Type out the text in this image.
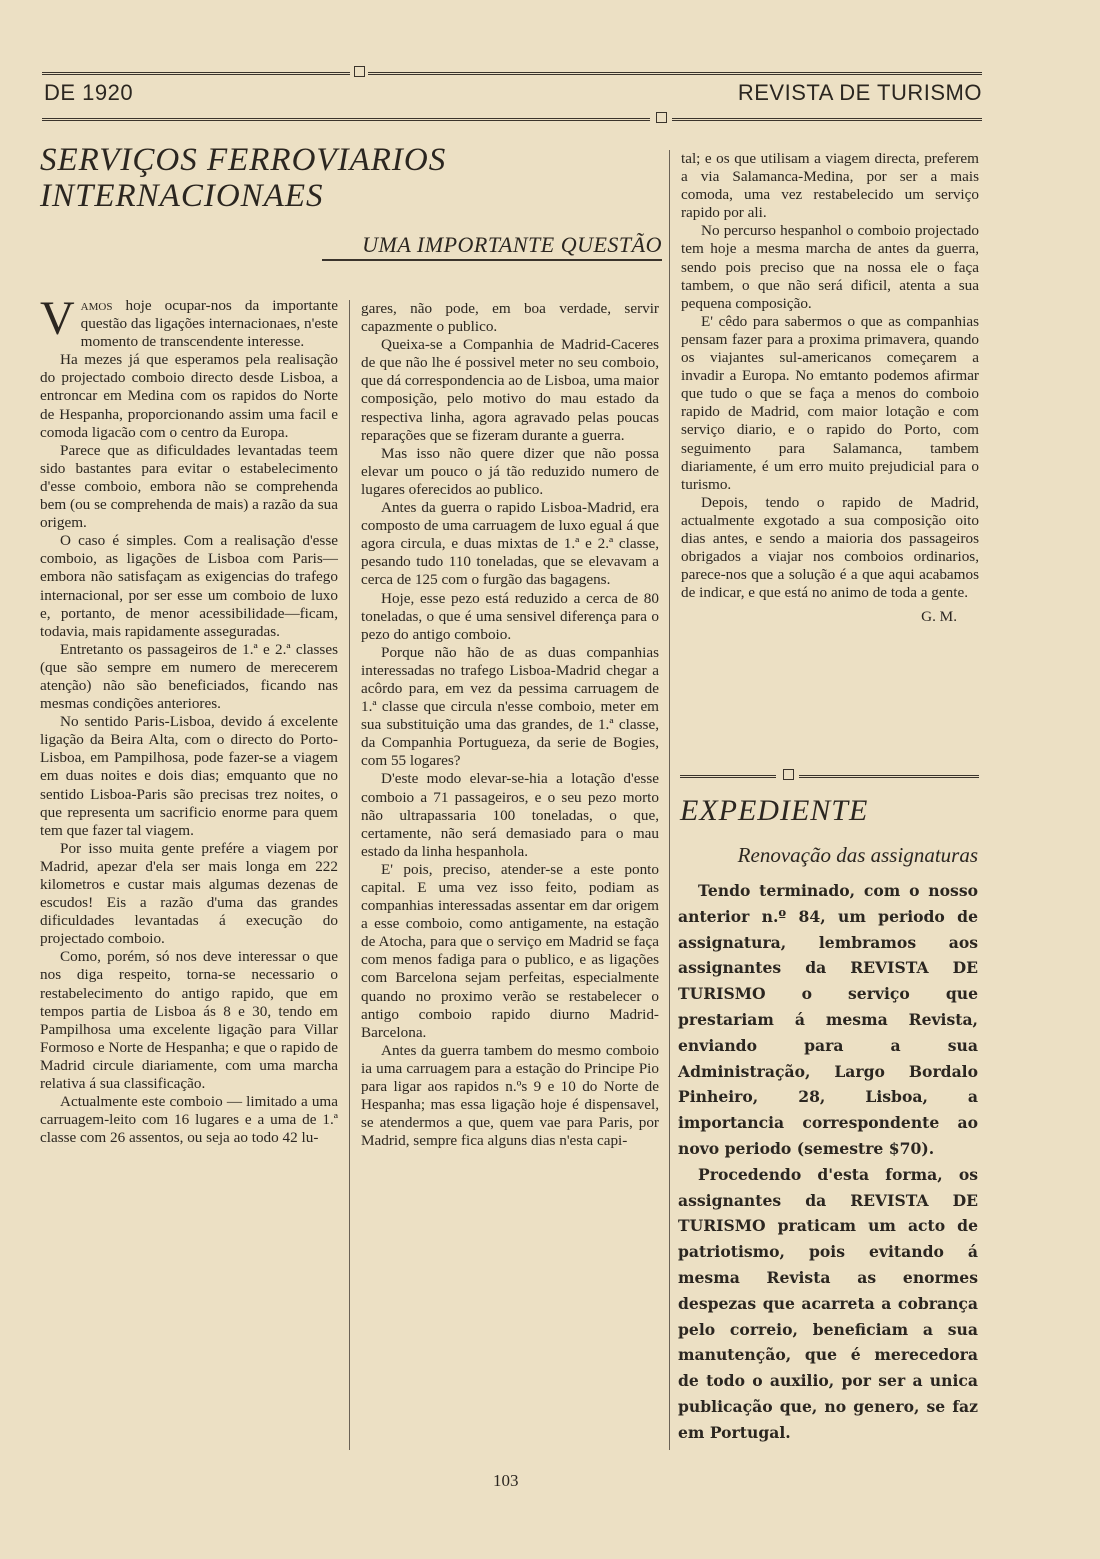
DE 1920	REVISTA DE TURISMO
SERVIÇOS FERROVIARIOS INTERNACIONAES
UMA IMPORTANTE QUESTÃO

Vamos hoje ocupar-nos da importante questão das ligações internacionaes, n'este momento de transcendente interesse.

Ha mezes já que esperamos pela realisação do projectado comboio directo desde Lisboa, a entroncar em Medina com os rapidos do Norte de Hespanha, proporcionando assim uma facil e comoda ligacão com o centro da Europa.

Parece que as dificuldades levantadas teem sido bastantes para evitar o estabelecimento d'esse comboio, embora não se comprehenda bem (ou se comprehenda de mais) a razão da sua origem.

O caso é simples. Com a realisação d'esse comboio, as ligações de Lisboa com Paris—embora não satisfaçam as exigencias do trafego internacional, por ser esse um comboio de luxo e, portanto, de menor acessibilidade—ficam, todavia, mais rapidamente asseguradas.

Entretanto os passageiros de 1.ª e 2.ª classes (que são sempre em numero de merecerem atenção) não são beneficiados, ficando nas mesmas condições anteriores.

No sentido Paris-Lisboa, devido á excelente ligação da Beira Alta, com o directo do Porto-Lisboa, em Pampilhosa, pode fazer-se a viagem em duas noites e dois dias; emquanto que no sentido Lisboa-Paris são precisas trez noites, o que representa um sacrificio enorme para quem tem que fazer tal viagem.

Por isso muita gente prefére a viagem por Madrid, apezar d'ela ser mais longa em 222 kilometros e custar mais algumas dezenas de escudos! Eis a razão d'uma das grandes dificuldades levantadas á execução do projectado comboio.

Como, porém, só nos deve interessar o que nos diga respeito, torna-se necessario o restabelecimento do antigo rapido, que em tempos partia de Lisboa ás 8 e 30, tendo em Pampilhosa uma excelente ligação para Villar Formoso e Norte de Hespanha; e que o rapido de Madrid circule diariamente, com uma marcha relativa á sua classificação.

Actualmente este comboio — limitado a uma carruagem-leito com 16 lugares e a uma de 1.ª classe com 26 assentos, ou seja ao todo 42 lu-

gares, não pode, em boa verdade, servir capazmente o publico.

Queixa-se a Companhia de Madrid-Caceres de que não lhe é possivel meter no seu comboio, que dá correspondencia ao de Lisboa, uma maior composição, pelo motivo do mau estado da respectiva linha, agora agravado pelas poucas reparações que se fizeram durante a guerra.

Mas isso não quere dizer que não possa elevar um pouco o já tão reduzido numero de lugares oferecidos ao publico.

Antes da guerra o rapido Lisboa-Madrid, era composto de uma carruagem de luxo egual á que agora circula, e duas mixtas de 1.ª e 2.ª classe, pesando tudo 110 toneladas, que se elevavam a cerca de 125 com o furgão das bagagens.

Hoje, esse pezo está reduzido a cerca de 80 toneladas, o que é uma sensivel diferença para o pezo do antigo comboio.

Porque não hão de as duas companhias interessadas no trafego Lisboa-Madrid chegar a acôrdo para, em vez da pessima carruagem de 1.ª classe que circula n'esse comboio, meter em sua substituição uma das grandes, de 1.ª classe, da Companhia Portugueza, da serie de Bogies, com 55 logares?

D'este modo elevar-se-hia a lotação d'esse comboio a 71 passageiros, e o seu pezo morto não ultrapassaria 100 toneladas, o que, certamente, não será demasiado para o mau estado da linha hespanhola.

E' pois, preciso, atender-se a este ponto capital. E uma vez isso feito, podiam as companhias interessadas assentar em dar origem a esse comboio, como antigamente, na estação de Atocha, para que o serviço em Madrid se faça com menos fadiga para o publico, e as ligações com Barcelona sejam perfeitas, especialmente quando no proximo verão se restabelecer o antigo comboio rapido diurno Madrid-Barcelona.

Antes da guerra tambem do mesmo comboio ia uma carruagem para a estação do Principe Pio para ligar aos rapidos n.ºs 9 e 10 do Norte de Hespanha; mas essa ligação hoje é dispensavel, se atendermos a que, quem vae para Paris, por Madrid, sempre fica alguns dias n'esta capi-

tal; e os que utilisam a viagem directa, preferem a via Salamanca-Medina, por ser a mais comoda, uma vez restabelecido um serviço rapido por ali.

No percurso hespanhol o comboio projectado tem hoje a mesma marcha de antes da guerra, sendo pois preciso que na nossa ele o faça tambem, o que não será dificil, atenta a sua pequena composição.

E' cêdo para sabermos o que as companhias pensam fazer para a proxima primavera, quando os viajantes sul-americanos começarem a invadir a Europa. No emtanto podemos afirmar que tudo o que se faça a menos do comboio rapido de Madrid, com maior lotação e com serviço diario, e o rapido do Porto, com seguimento para Salamanca, tambem diariamente, é um erro muito prejudicial para o turismo.

Depois, tendo o rapido de Madrid, actualmente exgotado a sua composição oito dias antes, e sendo a maioria dos passageiros obrigados a viajar nos comboios ordinarios, parece-nos que a solução é a que aqui acabamos de indicar, e que está no animo de toda a gente.

G. M.

EXPEDIENTE
Renovação das assignaturas

Tendo terminado, com o nosso anterior n.º 84, um periodo de assignatura, lembramos aos assignantes da REVISTA DE TURISMO o serviço que prestariam á mesma Revista, enviando para a sua Administração, Largo Bordalo Pinheiro, 28, Lisboa, a importancia correspondente ao novo periodo (semestre $70).

Procedendo d'esta forma, os assignantes da REVISTA DE TURISMO praticam um acto de patriotismo, pois evitando á mesma Revista as enormes despezas que acarreta a cobrança pelo correio, beneficiam a sua manutenção, que é merecedora de todo o auxilio, por ser a unica publicação que, no genero, se faz em Portugal.

103
